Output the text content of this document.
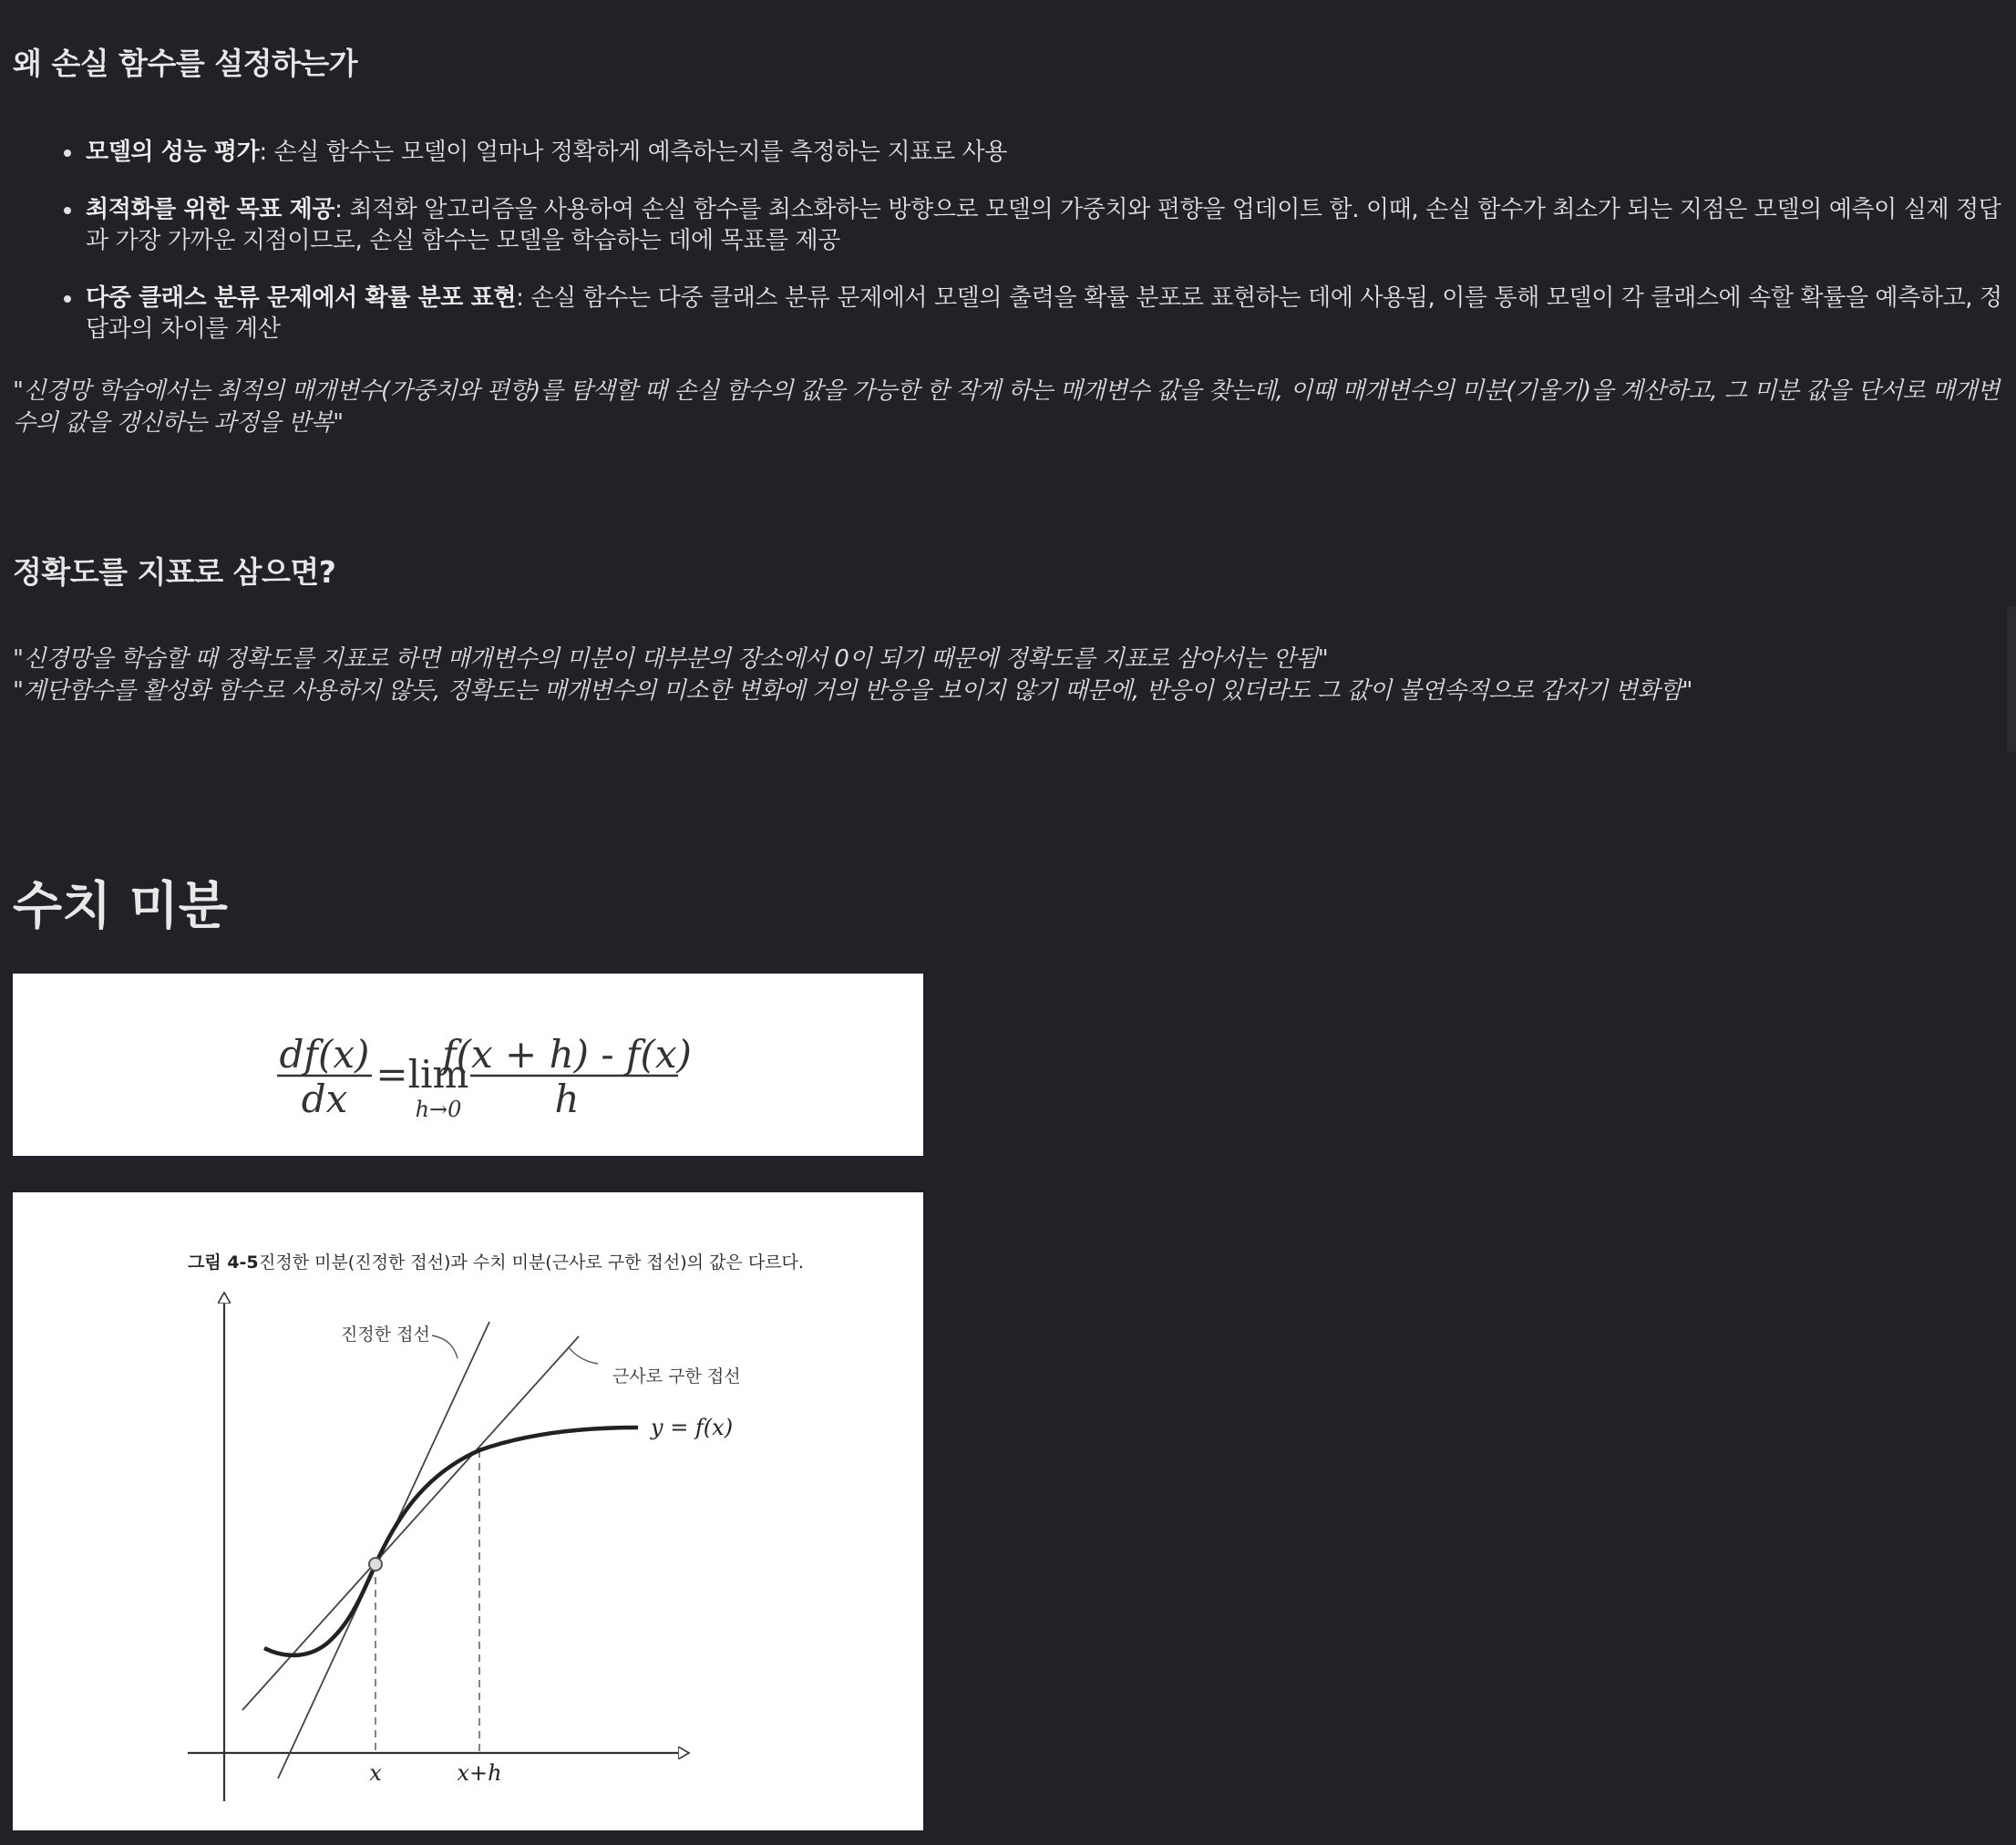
왜 손실 함수를 설정하는가
모델의 성능 평가: 손실 함수는 모델이 얼마나 정확하게 예측하는지를 측정하는 지표로 사용
최적화를 위한 목표 제공: 최적화 알고리즘을 사용하여 손실 함수를 최소화하는 방향으로 모델의 가중치와 편향을 업데이트 함. 이때, 손실 함수가 최소가 되는 지점은 모델의 예측이 실제 정답과 가장 가까운 지점이므로, 손실 함수는 모델을 학습하는 데에 목표를 제공
다중 클래스 분류 문제에서 확률 분포 표현: 손실 함수는 다중 클래스 분류 문제에서 모델의 출력을 확률 분포로 표현하는 데에 사용됨, 이를 통해 모델이 각 클래스에 속할 확률을 예측하고, 정답과의 차이를 계산

"신경망 학습에서는 최적의 매개변수(가중치와 편향)를 탐색할 때 손실 함수의 값을 가능한 한 작게 하는 매개변수 값을 찾는데, 이때 매개변수의 미분(기울기)을 계산하고, 그 미분 값을 단서로 매개변수의 값을 갱신하는 과정을 반복"

정확도를 지표로 삼으면?

"신경망을 학습할 때 정확도를 지표로 하면 매개변수의 미분이 대부분의 장소에서 0이 되기 때문에 정확도를 지표로 삼아서는 안됨"

"계단함수를 활성화 함수로 사용하지 않듯, 정확도는 매개변수의 미소한 변화에 거의 반응을 보이지 않기 때문에, 반응이 있더라도 그 값이 불연속적으로 갑자기 변화함"

수치 미분
df(x)
dx
= lim
h→0
f(x + h) - f(x)
h
그림 4-5 진정한 미분(진정한 접선)과 수치 미분(근사로 구한 접선)의 값은 다르다.
진정한 접선
근사로 구한 접선
y = f(x)
x	x+h
